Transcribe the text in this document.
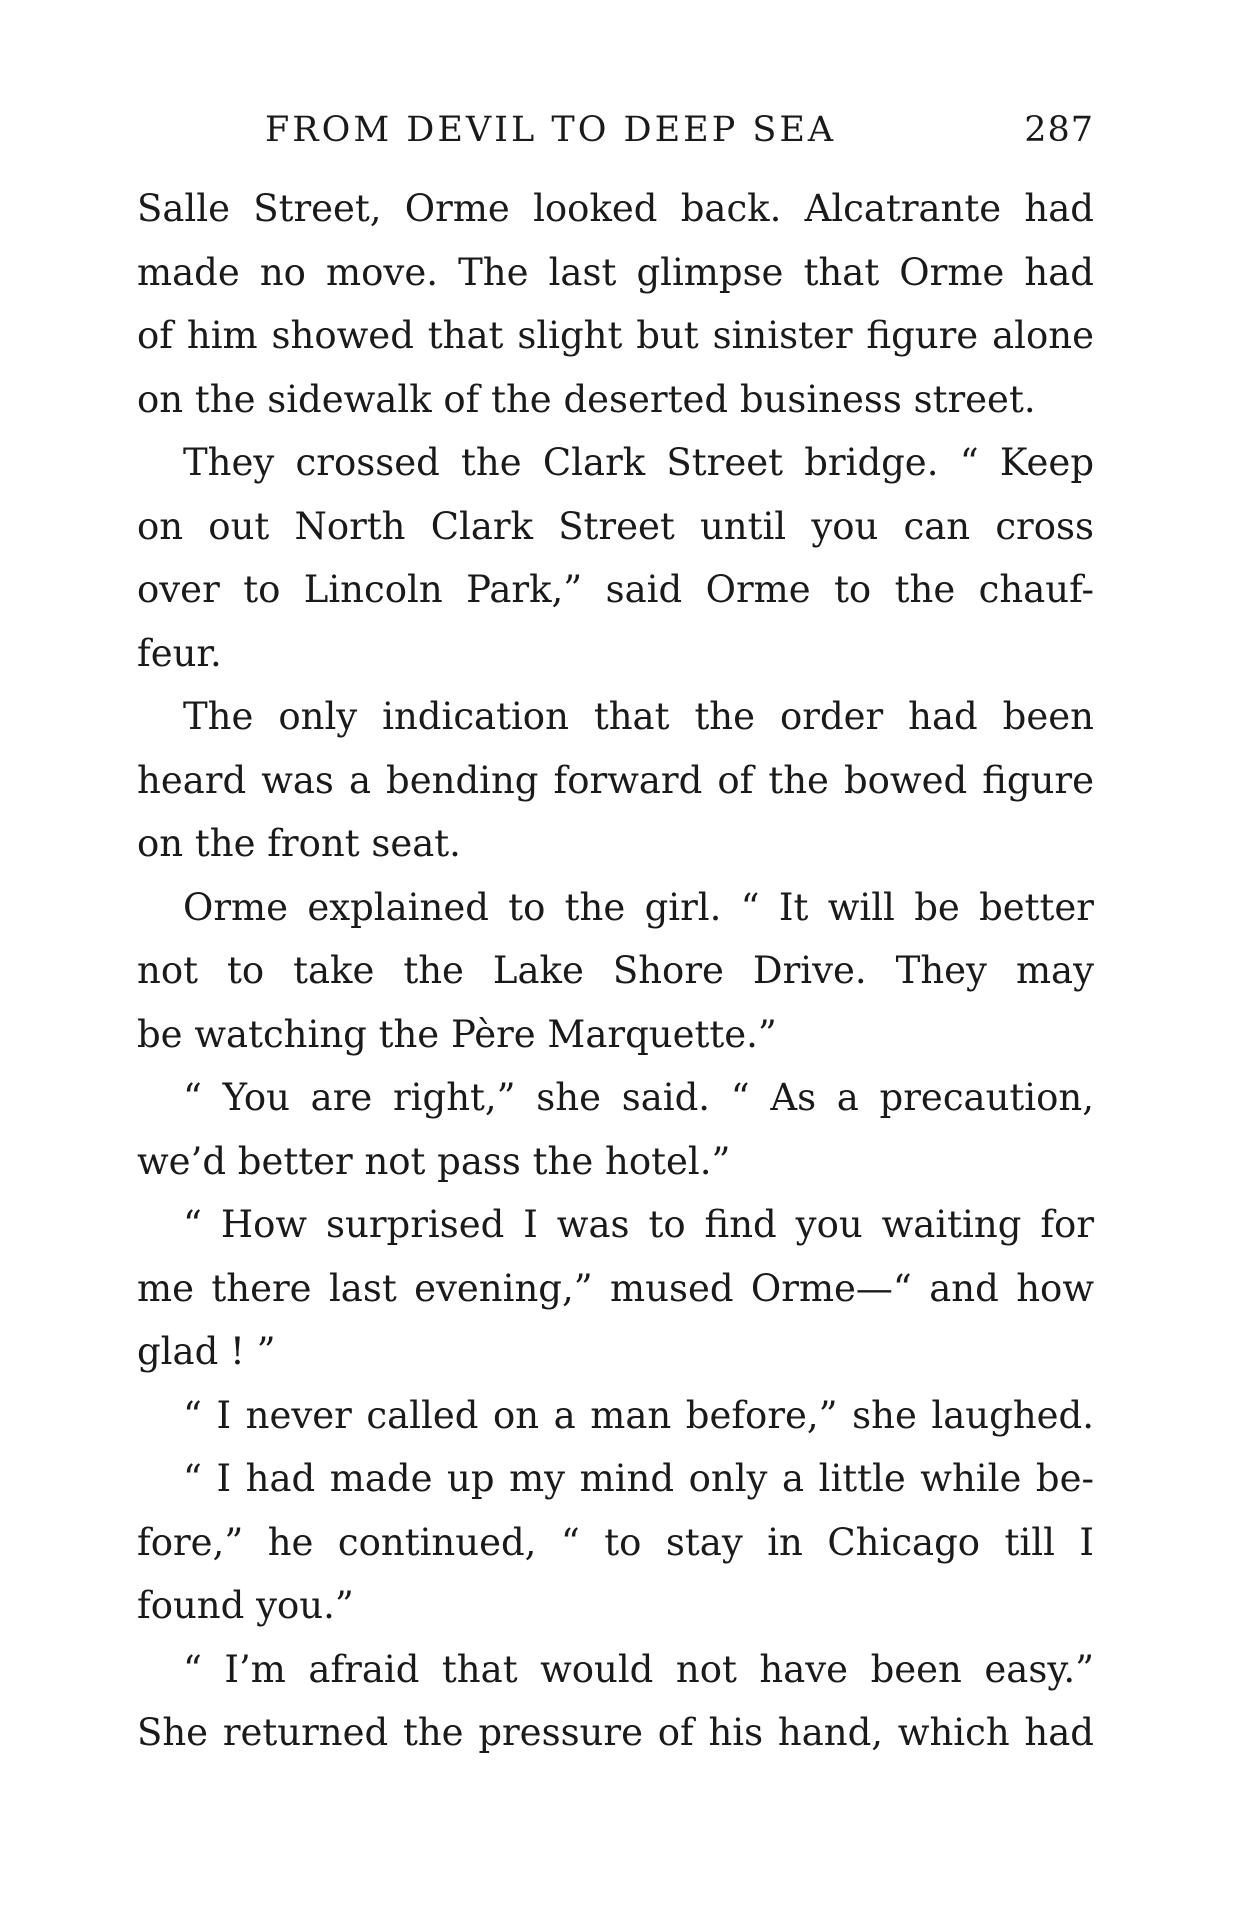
FROM DEVIL TO DEEP SEA	287
Salle Street, Orme looked back. Alcatrante had
made no move. The last glimpse that Orme had
of him showed that slight but sinister figure alone
on the sidewalk of the deserted business street.
They crossed the Clark Street bridge. “ Keep
on out North Clark Street until you can cross
over to Lincoln Park,” said Orme to the chauf-
feur.
The only indication that the order had been
heard was a bending forward of the bowed figure
on the front seat.
Orme explained to the girl. “ It will be better
not to take the Lake Shore Drive. They may
be watching the Père Marquette.”
“ You are right,” she said. “ As a precaution,
we’d better not pass the hotel.”
“ How surprised I was to find you waiting for
me there last evening,” mused Orme—“ and how
glad ! ”
“ I never called on a man before,” she laughed.
“ I had made up my mind only a little while be-
fore,” he continued, “ to stay in Chicago till I
found you.”
“ I’m afraid that would not have been easy.”
She returned the pressure of his hand, which had
